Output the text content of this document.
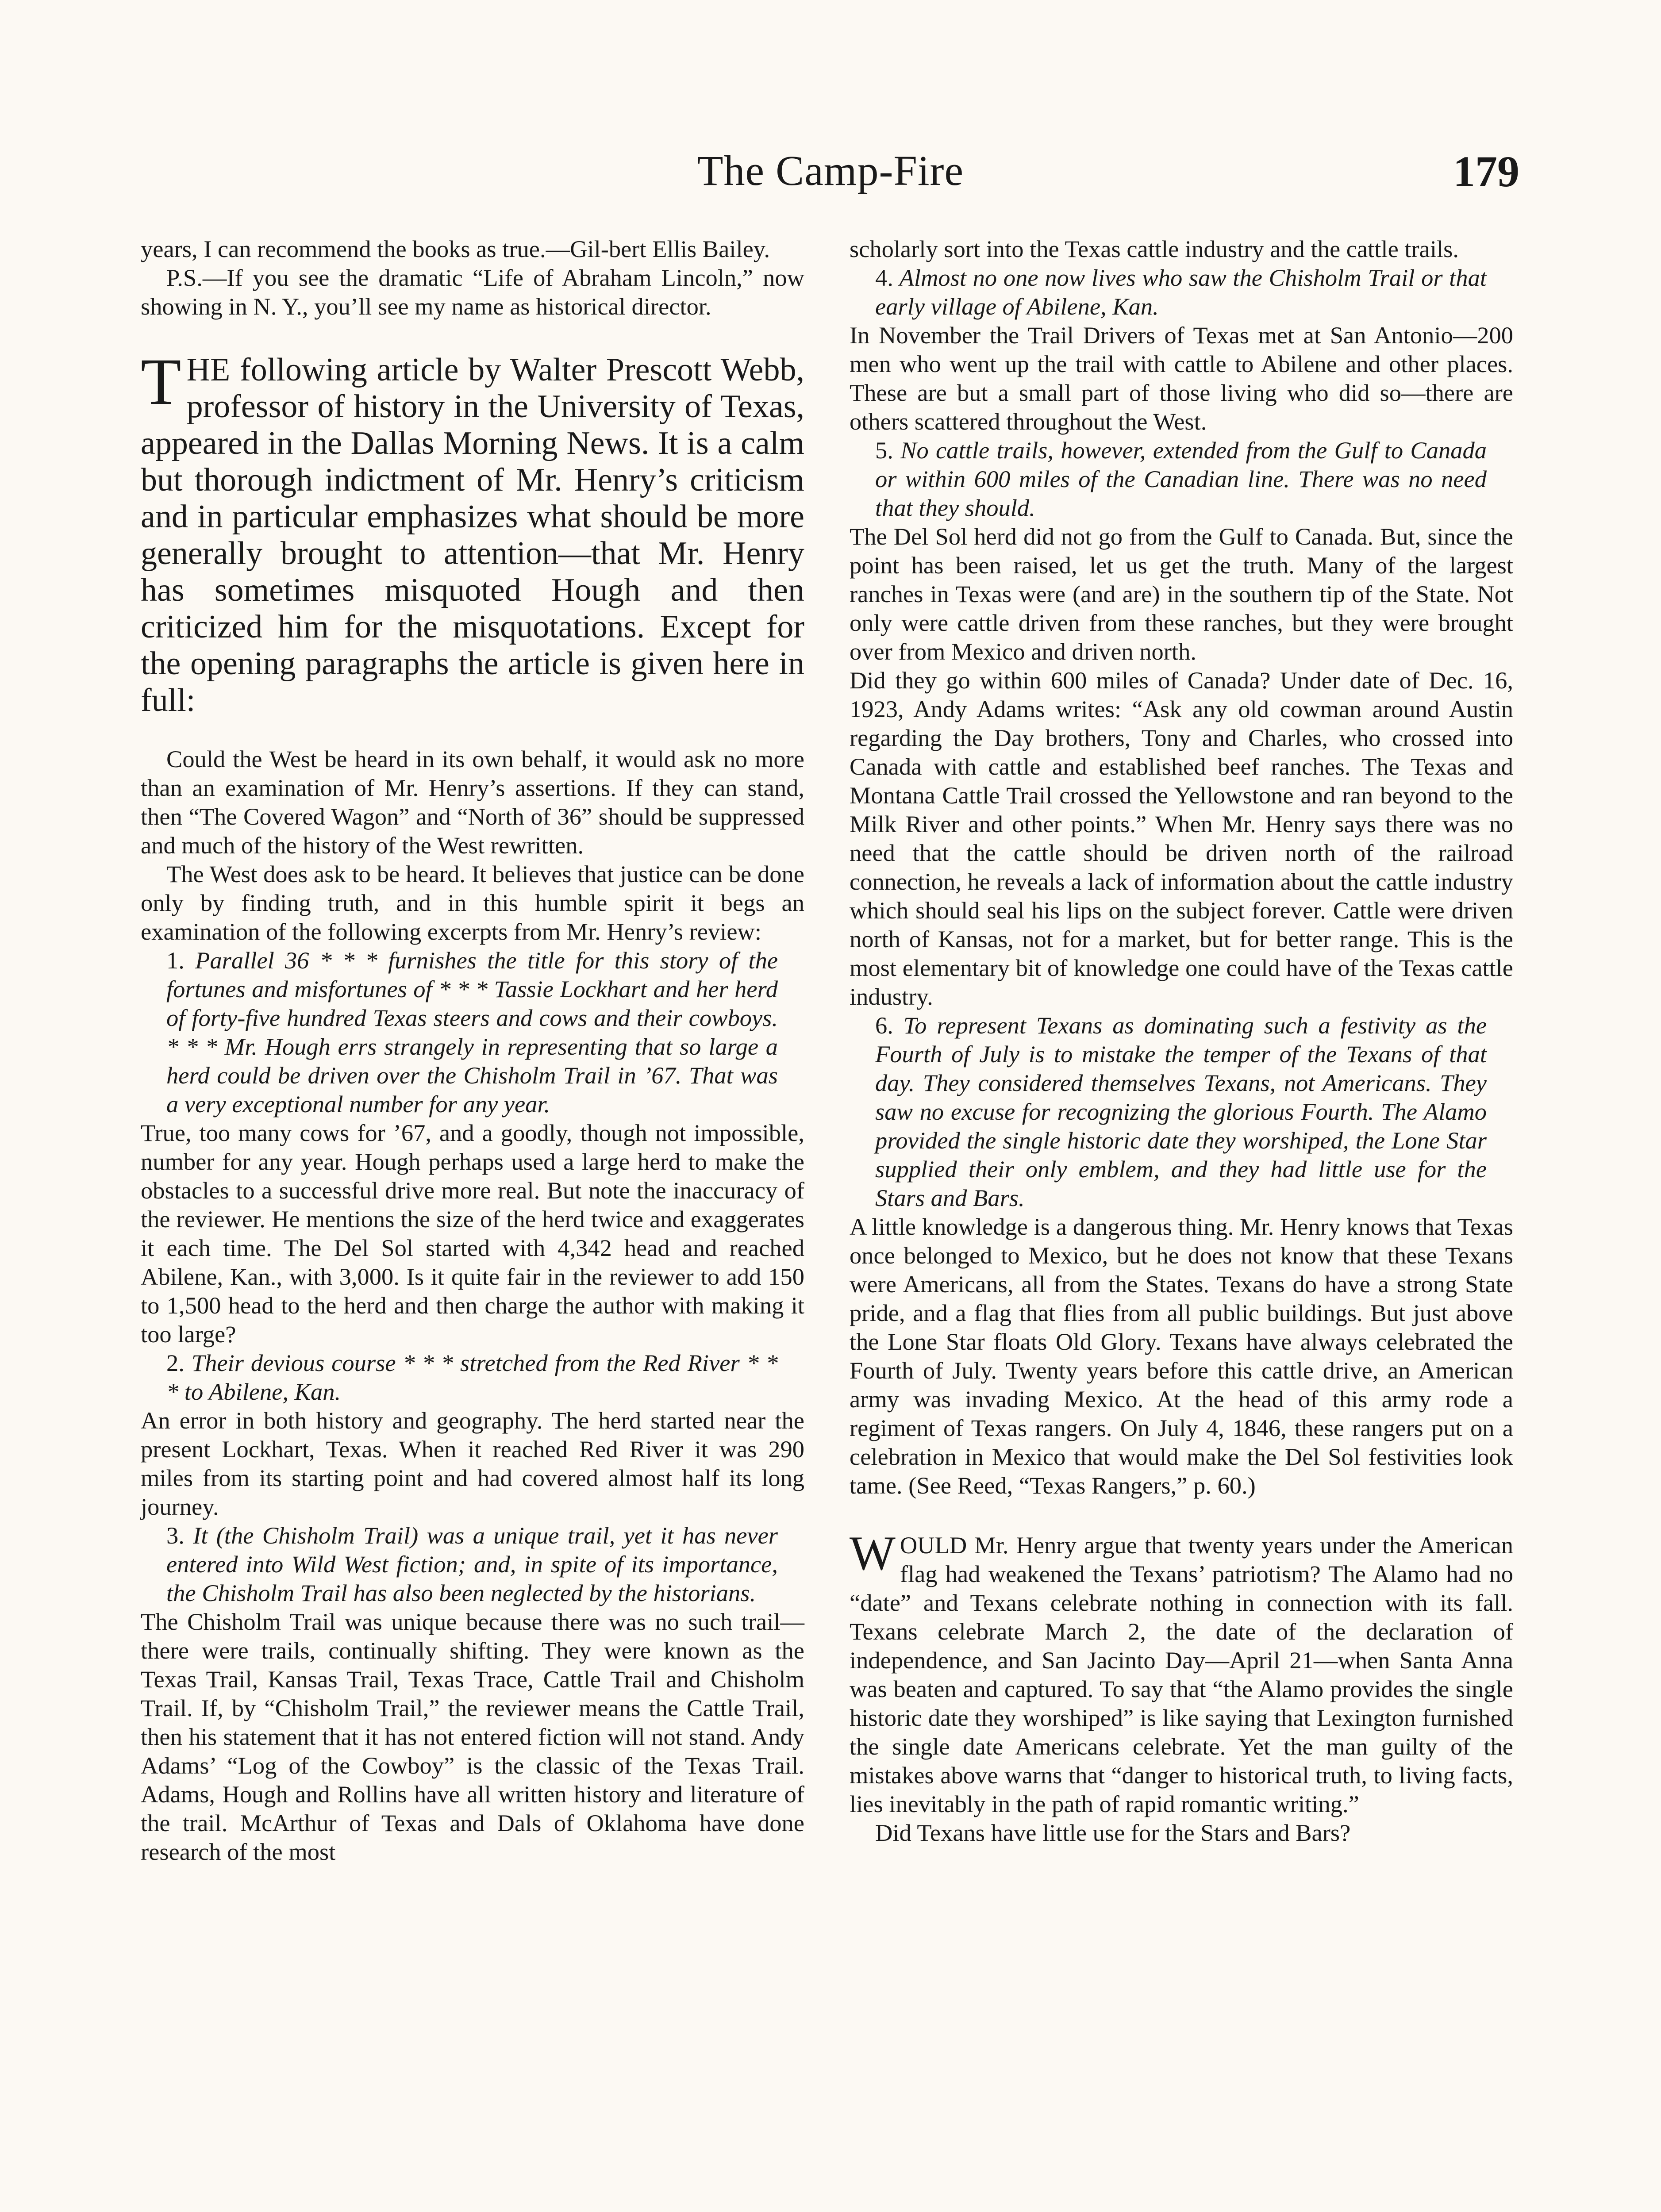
The Camp-Fire	179

years, I can recommend the books as true.—Gil-bert Ellis Bailey.

P.S.—If you see the dramatic “Life of Abraham Lincoln,” now showing in N. Y., you’ll see my name as historical director.

THE following article by Walter Prescott Webb, professor of history in the University of Texas, appeared in the Dallas Morning News. It is a calm but thorough indictment of Mr. Henry’s criticism and in particular emphasizes what should be more generally brought to attention—that Mr. Henry has sometimes misquoted Hough and then criticized him for the misquotations. Except for the opening paragraphs the article is given here in full:

Could the West be heard in its own behalf, it would ask no more than an examination of Mr. Henry’s assertions. If they can stand, then “The Covered Wagon” and “North of 36” should be suppressed and much of the history of the West rewritten.

The West does ask to be heard. It believes that justice can be done only by finding truth, and in this humble spirit it begs an examination of the following excerpts from Mr. Henry’s review:

1. Parallel 36 * * * furnishes the title for this story of the fortunes and misfortunes of * * * Tassie Lockhart and her herd of forty-five hundred Texas steers and cows and their cowboys. * * * Mr. Hough errs strangely in representing that so large a herd could be driven over the Chisholm Trail in ’67. That was a very exceptional number for any year.

True, too many cows for ’67, and a goodly, though not impossible, number for any year. Hough perhaps used a large herd to make the obstacles to a successful drive more real. But note the inaccuracy of the reviewer. He mentions the size of the herd twice and exaggerates it each time. The Del Sol started with 4,342 head and reached Abilene, Kan., with 3,000. Is it quite fair in the reviewer to add 150 to 1,500 head to the herd and then charge the author with making it too large?

2. Their devious course * * * stretched from the Red River * * * to Abilene, Kan.

An error in both history and geography. The herd started near the present Lockhart, Texas. When it reached Red River it was 290 miles from its starting point and had covered almost half its long journey.

3. It (the Chisholm Trail) was a unique trail, yet it has never entered into Wild West fiction; and, in spite of its importance, the Chisholm Trail has also been neglected by the historians.

The Chisholm Trail was unique because there was no such trail—there were trails, continually shifting. They were known as the Texas Trail, Kansas Trail, Texas Trace, Cattle Trail and Chisholm Trail. If, by “Chisholm Trail,” the reviewer means the Cattle Trail, then his statement that it has not entered fiction will not stand. Andy Adams’ “Log of the Cowboy” is the classic of the Texas Trail. Adams, Hough and Rollins have all written history and literature of the trail. McArthur of Texas and Dals of Oklahoma have done research of the most

scholarly sort into the Texas cattle industry and the cattle trails.

4. Almost no one now lives who saw the Chisholm Trail or that early village of Abilene, Kan.

In November the Trail Drivers of Texas met at San Antonio—200 men who went up the trail with cattle to Abilene and other places. These are but a small part of those living who did so—there are others scattered throughout the West.

5. No cattle trails, however, extended from the Gulf to Canada or within 600 miles of the Canadian line. There was no need that they should.

The Del Sol herd did not go from the Gulf to Canada. But, since the point has been raised, let us get the truth. Many of the largest ranches in Texas were (and are) in the southern tip of the State. Not only were cattle driven from these ranches, but they were brought over from Mexico and driven north.

Did they go within 600 miles of Canada? Under date of Dec. 16, 1923, Andy Adams writes: “Ask any old cowman around Austin regarding the Day brothers, Tony and Charles, who crossed into Canada with cattle and established beef ranches. The Texas and Montana Cattle Trail crossed the Yellowstone and ran beyond to the Milk River and other points.” When Mr. Henry says there was no need that the cattle should be driven north of the railroad connection, he reveals a lack of information about the cattle industry which should seal his lips on the subject forever. Cattle were driven north of Kansas, not for a market, but for better range. This is the most elementary bit of knowledge one could have of the Texas cattle industry.

6. To represent Texans as dominating such a festivity as the Fourth of July is to mistake the temper of the Texans of that day. They considered themselves Texans, not Americans. They saw no excuse for recognizing the glorious Fourth. The Alamo provided the single historic date they worshiped, the Lone Star supplied their only emblem, and they had little use for the Stars and Bars.

A little knowledge is a dangerous thing. Mr. Henry knows that Texas once belonged to Mexico, but he does not know that these Texans were Americans, all from the States. Texans do have a strong State pride, and a flag that flies from all public buildings. But just above the Lone Star floats Old Glory. Texans have always celebrated the Fourth of July. Twenty years before this cattle drive, an American army was invading Mexico. At the head of this army rode a regiment of Texas rangers. On July 4, 1846, these rangers put on a celebration in Mexico that would make the Del Sol festivities look tame. (See Reed, “Texas Rangers,” p. 60.)

WOULD Mr. Henry argue that twenty years under the American flag had weakened the Texans’ patriotism? The Alamo had no “date” and Texans celebrate nothing in connection with its fall. Texans celebrate March 2, the date of the declaration of independence, and San Jacinto Day—April 21—when Santa Anna was beaten and captured. To say that “the Alamo provides the single historic date they worshiped” is like saying that Lexington furnished the single date Americans celebrate. Yet the man guilty of the mistakes above warns that “danger to historical truth, to living facts, lies inevitably in the path of rapid romantic writing.”

Did Texans have little use for the Stars and Bars?
